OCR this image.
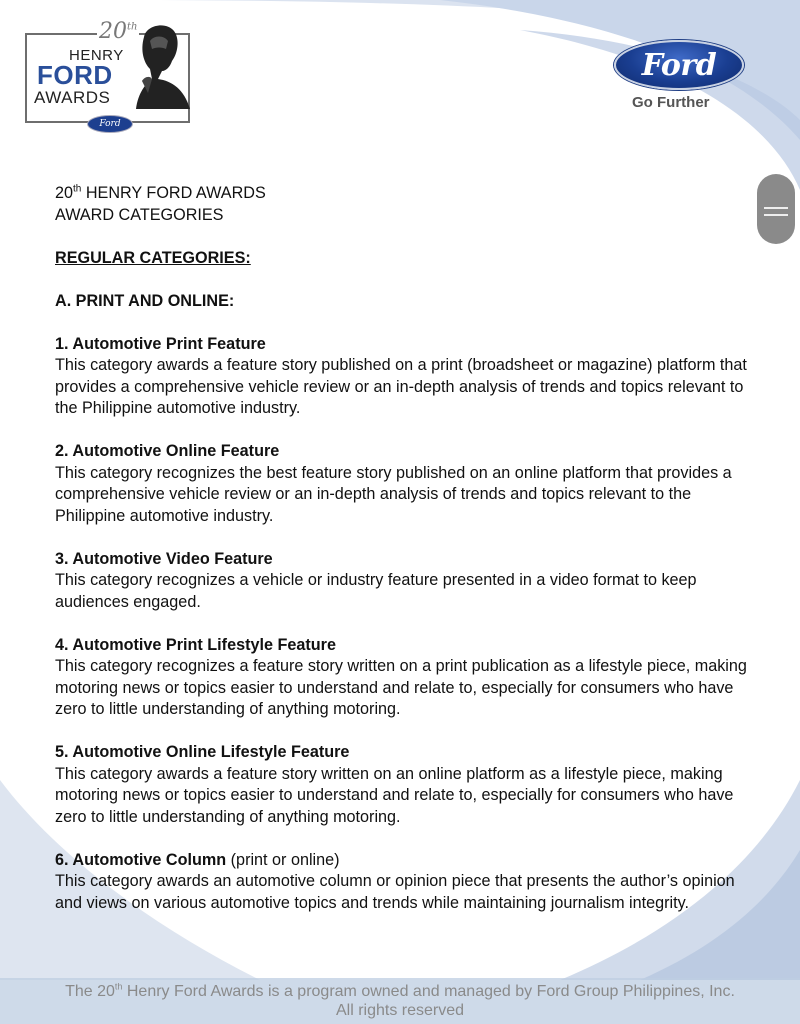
20th
HENRY
FORD
AWARDS
Ford
Ford
Go Further

20th HENRY FORD AWARDS

AWARD CATEGORIES

REGULAR CATEGORIES:

A. PRINT AND ONLINE:

1. Automotive Print Feature

This category awards a feature story published on a print (broadsheet or magazine) platform that provides a comprehensive vehicle review or an in-depth analysis of trends and topics relevant to the Philippine automotive industry.

2. Automotive Online Feature

This category recognizes the best feature story published on an online platform that provides a comprehensive vehicle review or an in-depth analysis of trends and topics relevant to the Philippine automotive industry.

3. Automotive Video Feature

This category recognizes a vehicle or industry feature presented in a video format to keep audiences engaged.

4. Automotive Print Lifestyle Feature

This category recognizes a feature story written on a print publication as a lifestyle piece, making motoring news or topics easier to understand and relate to, especially for consumers who have zero to little understanding of anything motoring.

5. Automotive Online Lifestyle Feature

This category awards a feature story written on an online platform as a lifestyle piece, making motoring news or topics easier to understand and relate to, especially for consumers who have zero to little understanding of anything motoring.

6. Automotive Column (print or online)

This category awards an automotive column or opinion piece that presents the author’s opinion and views on various automotive topics and trends while maintaining journalism integrity.

The 20th Henry Ford Awards is a program owned and managed by Ford Group Philippines, Inc.
All rights reserved
